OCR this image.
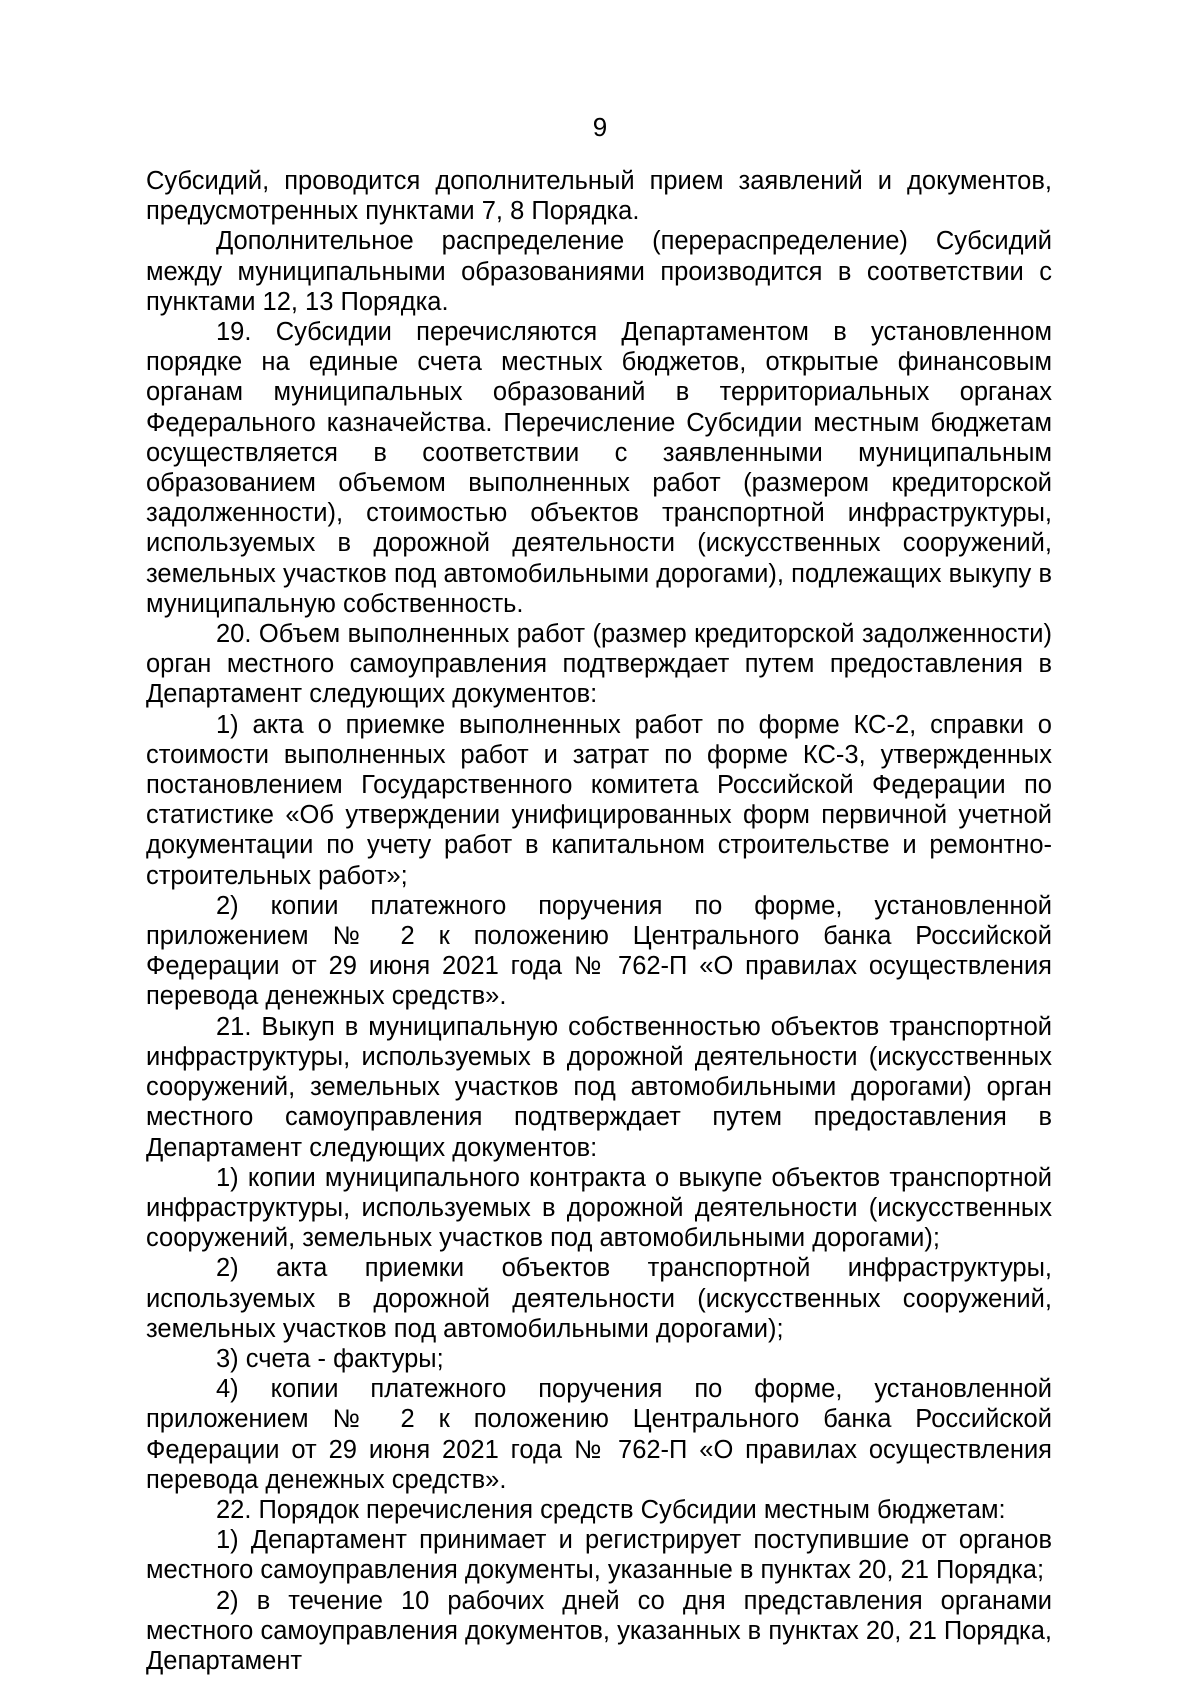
9

Субсидий, проводится дополнительный прием заявлений и документов, предусмотренных пунктами 7, 8 Порядка.

Дополнительное распределение (перераспределение) Субсидий между муниципальными образованиями производится в соответствии с пунктами 12, 13 Порядка.

19. Субсидии перечисляются Департаментом в установленном порядке на единые счета местных бюджетов, открытые финансовым органам муниципальных образований в территориальных органах Федерального казначейства. Перечисление Субсидии местным бюджетам осуществляется в соответствии с заявленными муниципальным образованием объемом выполненных работ (размером кредиторской задолженности), стоимостью объектов транспортной инфраструктуры, используемых в дорожной деятельности (искусственных сооружений, земельных участков под автомобильными дорогами), подлежащих выкупу в муниципальную собственность.

20. Объем выполненных работ (размер кредиторской задолженности) орган местного самоуправления подтверждает путем предоставления в Департамент следующих документов:

1) акта о приемке выполненных работ по форме КС-2, справки о стоимости выполненных работ и затрат по форме КС-3, утвержденных постановлением Государственного комитета Российской Федерации по статистике «Об утверждении унифицированных форм первичной учетной документации по учету работ в капитальном строительстве и ремонтно-строительных работ»;

2) копии платежного поручения по форме, установленной приложением № 2 к положению Центрального банка Российской Федерации от 29 июня 2021 года № 762-П «О правилах осуществления перевода денежных средств».

21. Выкуп в муниципальную собственностью объектов транспортной инфраструктуры, используемых в дорожной деятельности (искусственных сооружений, земельных участков под автомобильными дорогами) орган местного самоуправления подтверждает путем предоставления в Департамент следующих документов:

1) копии муниципального контракта о выкупе объектов транспортной инфраструктуры, используемых в дорожной деятельности (искусственных сооружений, земельных участков под автомобильными дорогами);

2) акта приемки объектов транспортной инфраструктуры, используемых в дорожной деятельности (искусственных сооружений, земельных участков под автомобильными дорогами);

3) счета - фактуры;

4) копии платежного поручения по форме, установленной приложением № 2 к положению Центрального банка Российской Федерации от 29 июня 2021 года № 762-П «О правилах осуществления перевода денежных средств».

22. Порядок перечисления средств Субсидии местным бюджетам:

1) Департамент принимает и регистрирует поступившие от органов местного самоуправления документы, указанные в пунктах 20, 21 Порядка;

2) в течение 10 рабочих дней со дня представления органами местного самоуправления документов, указанных в пунктах 20, 21 Порядка, Департамент
